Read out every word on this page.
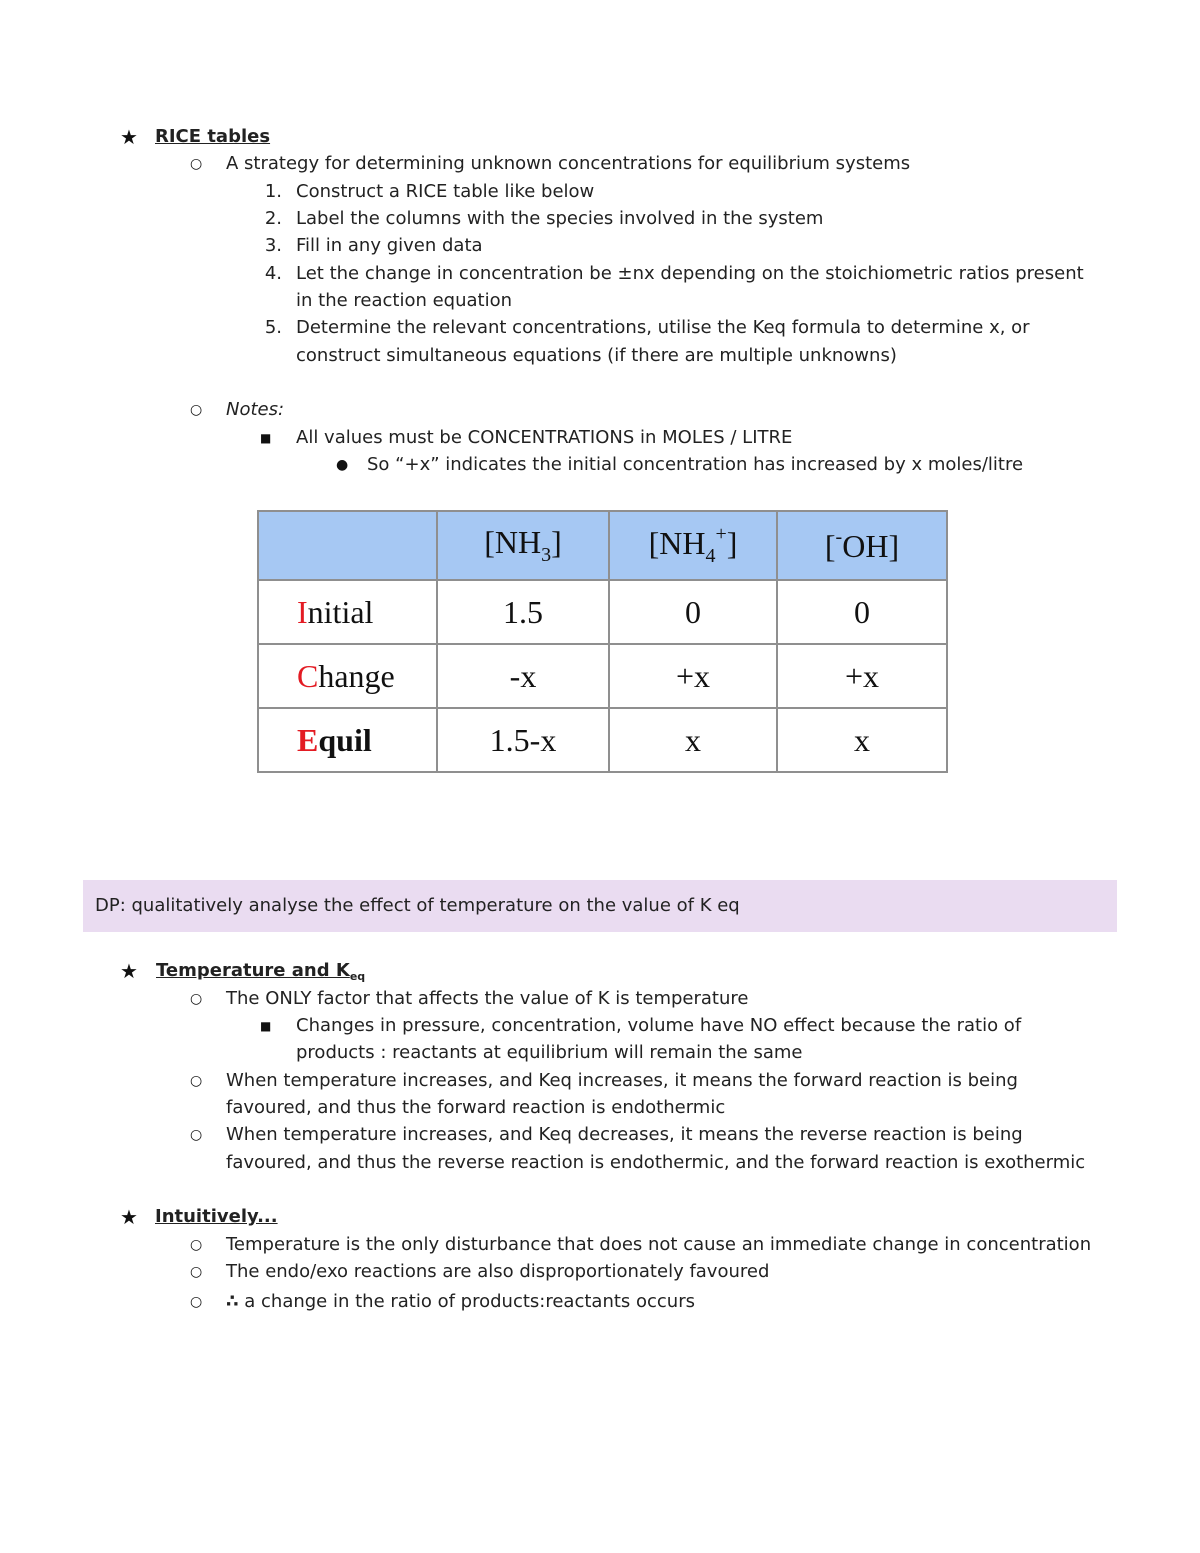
★ RICE tables
○ A strategy for determining unknown concentrations for equilibrium systems
1. Construct a RICE table like below
2. Label the columns with the species involved in the system
3. Fill in any given data
4. Let the change in concentration be ±nx depending on the stoichiometric ratios present
in the reaction equation
5. Determine the relevant concentrations, utilise the Keq formula to determine x, or
construct simultaneous equations (if there are multiple unknowns)
○ Notes:
■ All values must be CONCENTRATIONS in MOLES / LITRE
● So “+x” indicates the initial concentration has increased by x moles/litre
	$[NH_3]$	$[NH_4^+]$	[-OH]
Initial	1.5	0	0
Change	-x	+x	+x
Equil	1.5-x	x	x
DP: qualitatively analyse the effect of temperature on the value of K eq
★ Temperature and $K_{eq}$
○ The ONLY factor that affects the value of K is temperature
■ Changes in pressure, concentration, volume have NO effect because the ratio of
products : reactants at equilibrium will remain the same
○ When temperature increases, and Keq increases, it means the forward reaction is being
favoured, and thus the forward reaction is endothermic
○ When temperature increases, and Keq decreases, it means the reverse reaction is being
favoured, and thus the reverse reaction is endothermic, and the forward reaction is exothermic
★ Intuitively...
○ Temperature is the only disturbance that does not cause an immediate change in concentration
○ The endo/exo reactions are also disproportionately favoured
○ ∴ a change in the ratio of products:reactants occurs
